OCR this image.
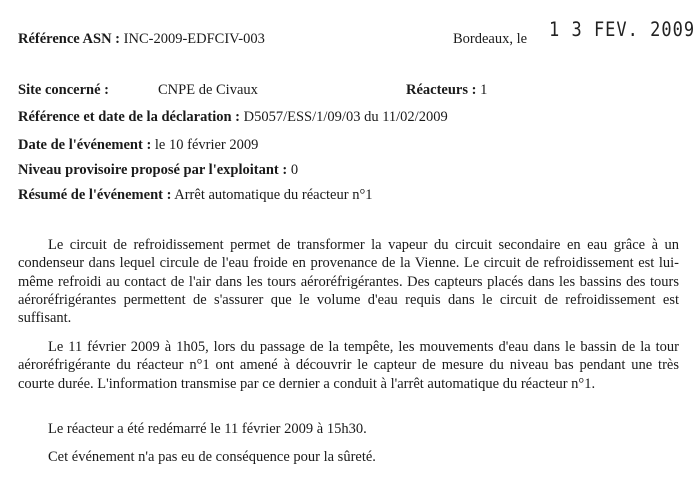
Référence ASN : INC-2009-EDFCIV-003	Bordeaux, le 1 3 FEV. 2009
Site concerné :	CNPE de Civaux	Réacteurs : 1
Référence et date de la déclaration : D5057/ESS/1/09/03 du 11/02/2009
Date de l'événement : le 10 février 2009
Niveau provisoire proposé par l'exploitant : 0
Résumé de l'événement : Arrêt automatique du réacteur n°1

Le circuit de refroidissement permet de transformer la vapeur du circuit secondaire en eau grâce à un condenseur dans lequel circule de l'eau froide en provenance de la Vienne. Le circuit de refroidissement est lui-même refroidi au contact de l'air dans les tours aéroréfrigérantes. Des capteurs placés dans les bassins des tours aéroréfrigérantes permettent de s'assurer que le volume d'eau requis dans le circuit de refroidissement est suffisant.

Le 11 février 2009 à 1h05, lors du passage de la tempête, les mouvements d'eau dans le bassin de la tour aéroréfrigérante du réacteur n°1 ont amené à découvrir le capteur de mesure du niveau bas pendant une très courte durée. L'information transmise par ce dernier a conduit à l'arrêt automatique du réacteur n°1.

Le réacteur a été redémarré le 11 février 2009 à 15h30.

Cet événement n'a pas eu de conséquence pour la sûreté.
